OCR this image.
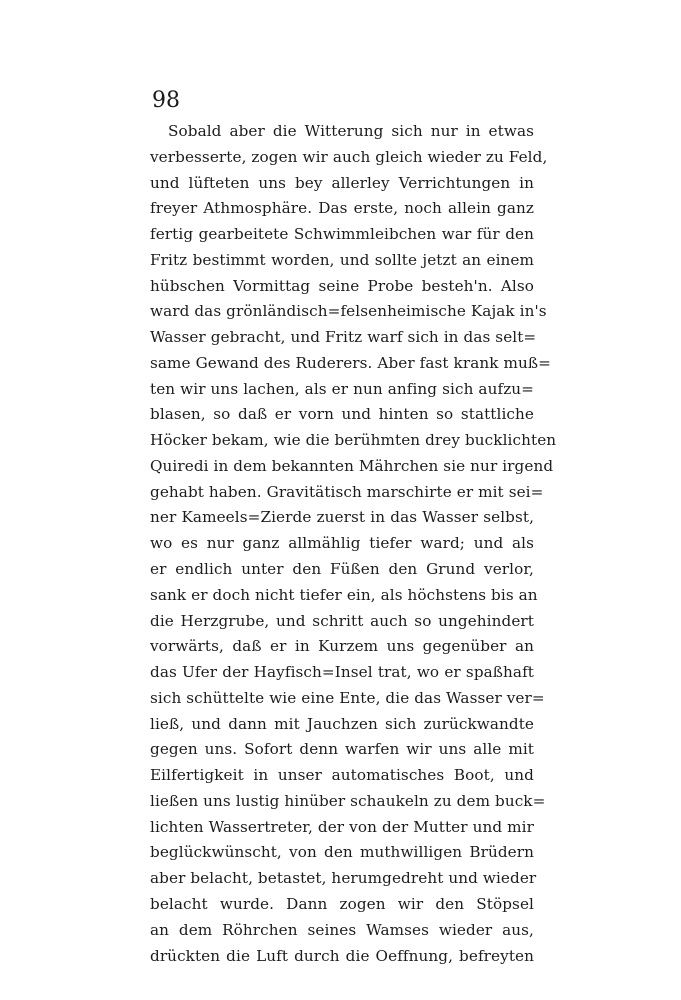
98
Sobald aber die Witterung sich nur in etwas
verbesserte, zogen wir auch gleich wieder zu Feld,
und lüfteten uns bey allerley Verrichtungen in
freyer Athmosphäre. Das erste, noch allein ganz
fertig gearbeitete Schwimmleibchen war für den
Fritz bestimmt worden, und sollte jetzt an einem
hübschen Vormittag seine Probe besteh'n. Also
ward das grönländisch=felsenheimische Kajak in's
Wasser gebracht, und Fritz warf sich in das selt=
same Gewand des Ruderers. Aber fast krank muß=
ten wir uns lachen, als er nun anfing sich aufzu=
blasen, so daß er vorn und hinten so stattliche
Höcker bekam, wie die berühmten drey bucklichten
Quiredi in dem bekannten Mährchen sie nur irgend
gehabt haben. Gravitätisch marschirte er mit sei=
ner Kameels=Zierde zuerst in das Wasser selbst,
wo es nur ganz allmählig tiefer ward; und als
er endlich unter den Füßen den Grund verlor,
sank er doch nicht tiefer ein, als höchstens bis an
die Herzgrube, und schritt auch so ungehindert
vorwärts, daß er in Kurzem uns gegenüber an
das Ufer der Hayfisch=Insel trat, wo er spaßhaft
sich schüttelte wie eine Ente, die das Wasser ver=
ließ, und dann mit Jauchzen sich zurückwandte
gegen uns. Sofort denn warfen wir uns alle mit
Eilfertigkeit in unser automatisches Boot, und
ließen uns lustig hinüber schaukeln zu dem buck=
lichten Wassertreter, der von der Mutter und mir
beglückwünscht, von den muthwilligen Brüdern
aber belacht, betastet, herumgedreht und wieder
belacht wurde. Dann zogen wir den Stöpsel
an dem Röhrchen seines Wamses wieder aus,
drückten die Luft durch die Oeffnung, befreyten
